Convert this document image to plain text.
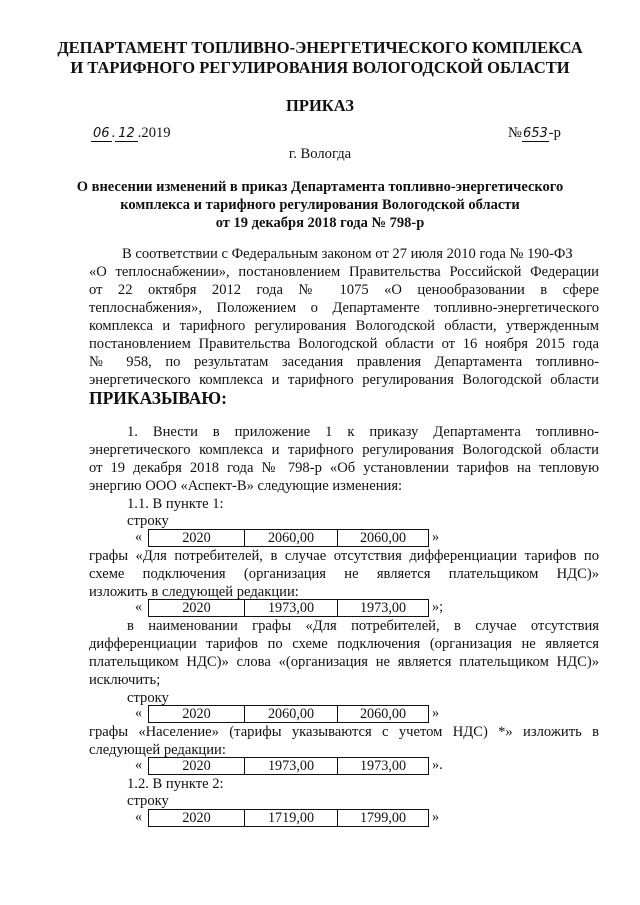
ДЕПАРТАМЕНТ ТОПЛИВНО-ЭНЕРГЕТИЧЕСКОГО КОМПЛЕКСА
И ТАРИФНОГО РЕГУЛИРОВАНИЯ ВОЛОГОДСКОЙ ОБЛАСТИ
ПРИКАЗ
06 . 12 .2019	№653-р
г. Вологда
О внесении изменений в приказ Департамента топливно-энергетического
комплекса и тарифного регулирования Вологодской области
от 19 декабря 2018 года № 798-р
В соответствии с Федеральным законом от 27 июля 2010 года № 190-ФЗ
«О теплоснабжении», постановлением Правительства Российской Федерации
от 22 октября 2012 года № 1075 «О ценообразовании в сфере
теплоснабжения», Положением о Департаменте топливно-энергетического
комплекса и тарифного регулирования Вологодской области, утвержденным
постановлением Правительства Вологодской области от 16 ноября 2015 года
№ 958, по результатам заседания правления Департамента топливно-
энергетического комплекса и тарифного регулирования Вологодской области
ПРИКАЗЫВАЮ:
1. Внести в приложение 1 к приказу Департамента топливно-
энергетического комплекса и тарифного регулирования Вологодской области
от 19 декабря 2018 года № 798-р «Об установлении тарифов на тепловую
энергию ООО «Аспект-В» следующие изменения:
1.1. В пункте 1:
строку
«	2020	2060,00	2060,00	»
графы «Для потребителей, в случае отсутствия дифференциации тарифов по
схеме подключения (организация не является плательщиком НДС)»
изложить в следующей редакции:
«	2020	1973,00	1973,00	»;
в наименовании графы «Для потребителей, в случае отсутствия
дифференциации тарифов по схеме подключения (организация не является
плательщиком НДС)» слова «(организация не является плательщиком НДС)»
исключить;
строку
«	2020	2060,00	2060,00	»
графы «Население» (тарифы указываются с учетом НДС) *» изложить в
следующей редакции:
«	2020	1973,00	1973,00	».
1.2. В пункте 2:
строку
«	2020	1719,00	1799,00	»
